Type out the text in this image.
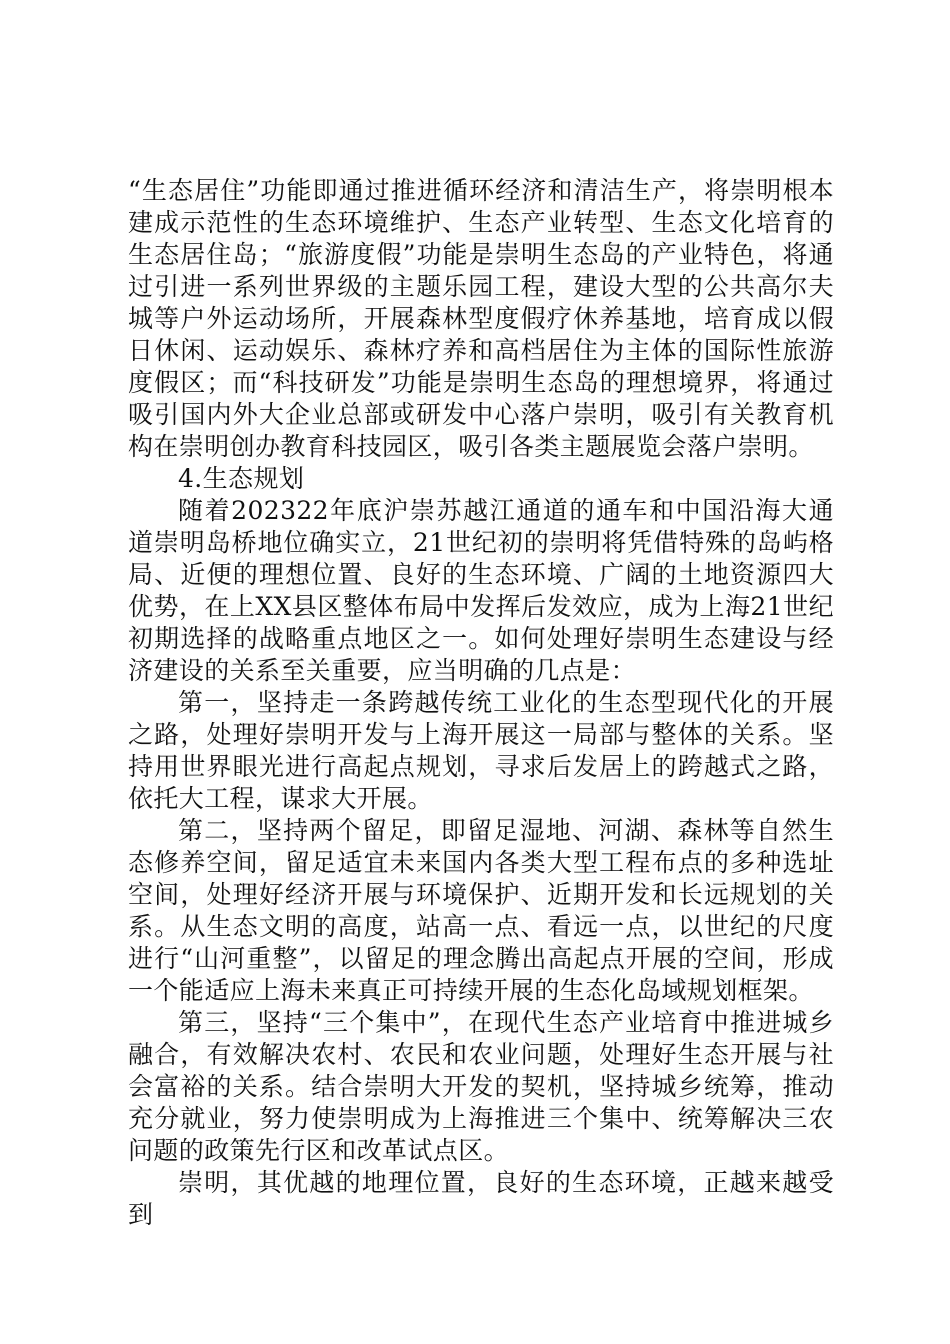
“生态居住”功能即通过推进循环经济和清洁生产，将崇明根本建成示范性的生态环境维护、生态产业转型、生态文化培育的生态居住岛；“旅游度假”功能是崇明生态岛的产业特色，将通过引进一系列世界级的主题乐园工程，建设大型的公共高尔夫城等户外运动场所，开展森林型度假疗休养基地，培育成以假日休闲、运动娱乐、森林疗养和高档居住为主体的国际性旅游度假区；而“科技研发”功能是崇明生态岛的理想境界，将通过吸引国内外大企业总部或研发中心落户崇明，吸引有关教育机构在崇明创办教育科技园区，吸引各类主题展览会落户崇明。

4.生态规划

随着202322年底沪崇苏越江通道的通车和中国沿海大通道崇明岛桥地位确实立，21世纪初的崇明将凭借特殊的岛屿格局、近便的理想位置、良好的生态环境、广阔的土地资源四大优势，在上XX县区整体布局中发挥后发效应，成为上海21世纪初期选择的战略重点地区之一。如何处理好崇明生态建设与经济建设的关系至关重要，应当明确的几点是：

第一，坚持走一条跨越传统工业化的生态型现代化的开展之路，处理好崇明开发与上海开展这一局部与整体的关系。坚持用世界眼光进行高起点规划，寻求后发居上的跨越式之路，依托大工程，谋求大开展。

第二，坚持两个留足，即留足湿地、河湖、森林等自然生态修养空间，留足适宜未来国内各类大型工程布点的多种选址空间，处理好经济开展与环境保护、近期开发和长远规划的关系。从生态文明的高度，站高一点、看远一点，以世纪的尺度进行“山河重整”，以留足的理念腾出高起点开展的空间，形成一个能适应上海未来真正可持续开展的生态化岛域规划框架。

第三，坚持“三个集中”，在现代生态产业培育中推进城乡融合，有效解决农村、农民和农业问题，处理好生态开展与社会富裕的关系。结合崇明大开发的契机，坚持城乡统筹，推动充分就业，努力使崇明成为上海推进三个集中、统筹解决三农问题的政策先行区和改革试点区。

崇明，其优越的地理位置，良好的生态环境，正越来越受到
